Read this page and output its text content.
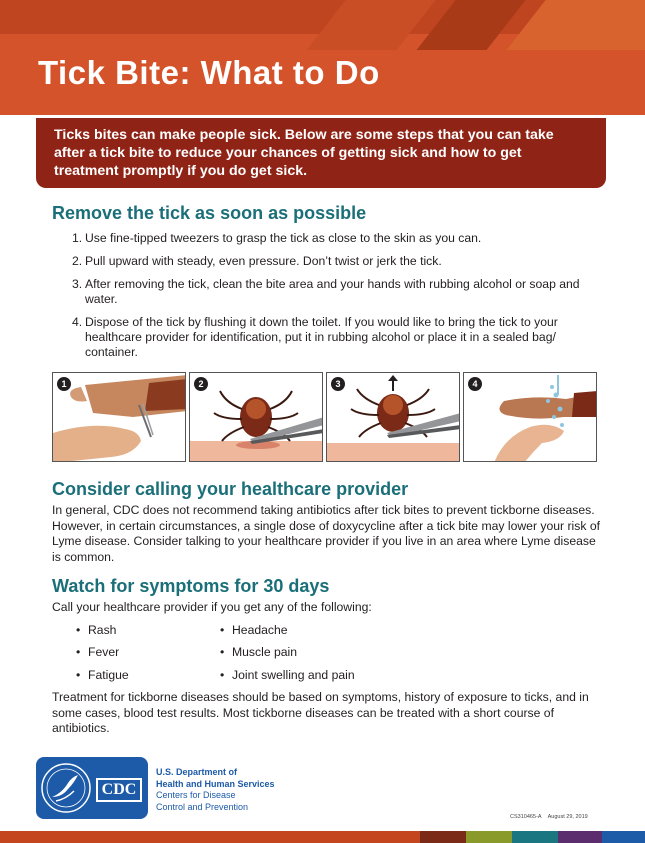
Tick Bite: What to Do
Ticks bites can make people sick. Below are some steps that you can take after a tick bite to reduce your chances of getting sick and how to get treatment promptly if you do get sick.
Remove the tick as soon as possible
1. Use fine-tipped tweezers to grasp the tick as close to the skin as you can.
2. Pull upward with steady, even pressure. Don’t twist or jerk the tick.
3. After removing the tick, clean the bite area and your hands with rubbing alcohol or soap and water.
4. Dispose of the tick by flushing it down the toilet. If you would like to bring the tick to your healthcare provider for identification, put it in rubbing alcohol or place it in a sealed bag/ container.
1	2	3	4
Consider calling your healthcare provider

In general, CDC does not recommend taking antibiotics after tick bites to prevent tickborne diseases. However, in certain circumstances, a single dose of doxycycline after a tick bite may lower your risk of Lyme disease. Consider talking to your healthcare provider if you live in an area where Lyme disease is common.

Watch for symptoms for 30 days

Call your healthcare provider if you get any of the following:

• Rash
• Fever
• Fatigue
• Headache
• Muscle pain
• Joint swelling and pain

Treatment for tickborne diseases should be based on symptoms, history of exposure to ticks, and in some cases, blood test results. Most tickborne diseases can be treated with a short course of antibiotics.

CDC
U.S. Department of
Health and Human Services
Centers for Disease
Control and Prevention
CS310465-A August 29, 2019
